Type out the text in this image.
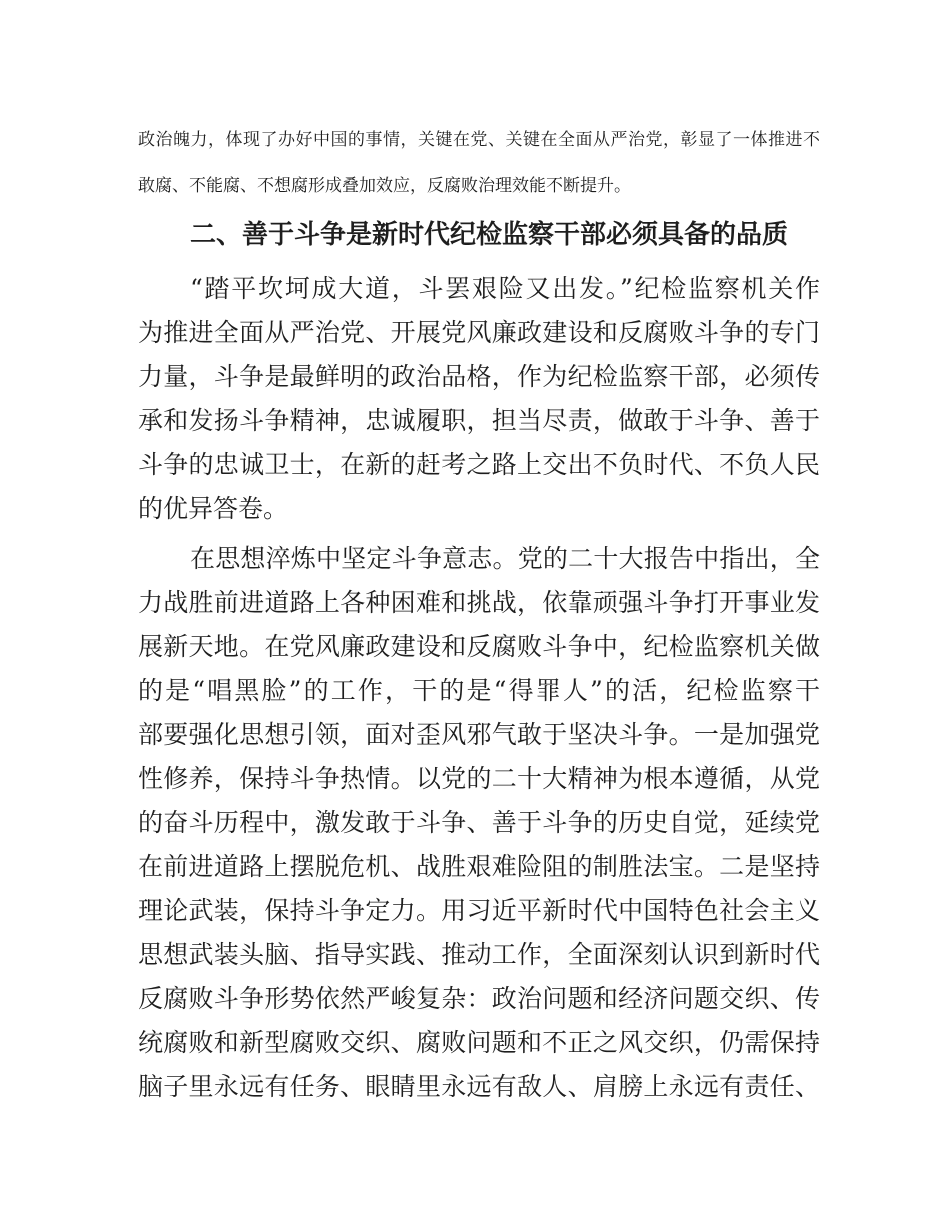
政治魄力，体现了办好中国的事情，关键在党、关键在全面从严治党，彰显了一体推进不
敢腐、不能腐、不想腐形成叠加效应，反腐败治理效能不断提升。
二、善于斗争是新时代纪检监察干部必须具备的品质
“踏平坎坷成大道，斗罢艰险又出发。”纪检监察机关作
为推进全面从严治党、开展党风廉政建设和反腐败斗争的专门
力量，斗争是最鲜明的政治品格，作为纪检监察干部，必须传
承和发扬斗争精神，忠诚履职，担当尽责，做敢于斗争、善于
斗争的忠诚卫士，在新的赶考之路上交出不负时代、不负人民
的优异答卷。
在思想淬炼中坚定斗争意志。党的二十大报告中指出，全
力战胜前进道路上各种困难和挑战，依靠顽强斗争打开事业发
展新天地。在党风廉政建设和反腐败斗争中，纪检监察机关做
的是“唱黑脸”的工作，干的是“得罪人”的活，纪检监察干
部要强化思想引领，面对歪风邪气敢于坚决斗争。一是加强党
性修养，保持斗争热情。以党的二十大精神为根本遵循，从党
的奋斗历程中，激发敢于斗争、善于斗争的历史自觉，延续党
在前进道路上摆脱危机、战胜艰难险阻的制胜法宝。二是坚持
理论武装，保持斗争定力。用习近平新时代中国特色社会主义
思想武装头脑、指导实践、推动工作，全面深刻认识到新时代
反腐败斗争形势依然严峻复杂：政治问题和经济问题交织、传
统腐败和新型腐败交织、腐败问题和不正之风交织，仍需保持
脑子里永远有任务、眼睛里永远有敌人、肩膀上永远有责任、
